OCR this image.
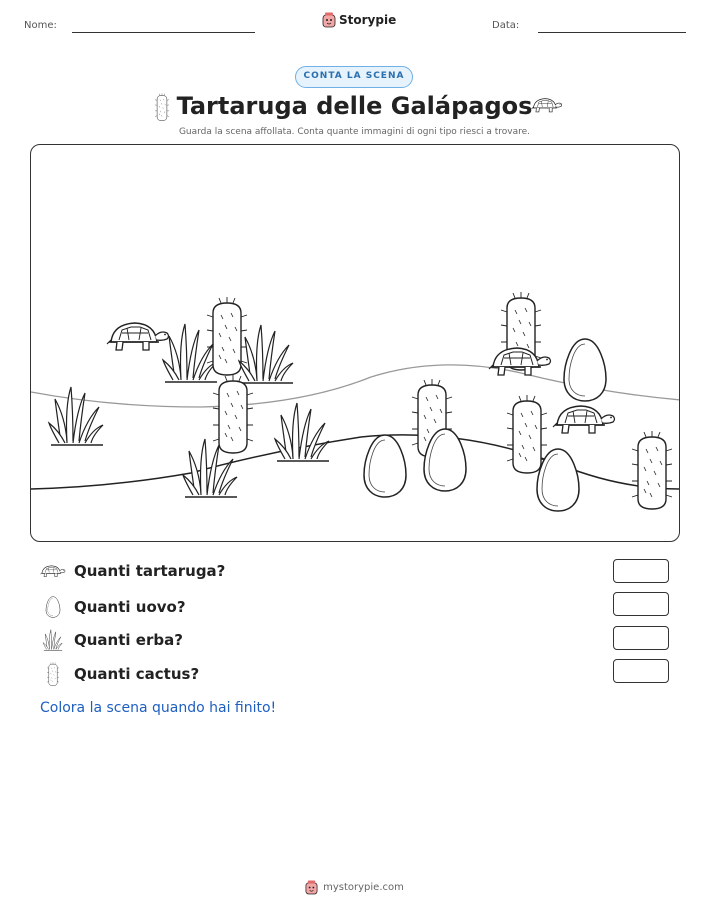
Nome:	Storypie	Data:
CONTA LA SCENA
Tartaruga delle Galápagos
Guarda la scena affollata. Conta quante immagini di ogni tipo riesci a trovare.
Quanti tartaruga?
Quanti uovo?
Quanti erba?
Quanti cactus?
Colora la scena quando hai finito!
mystorypie.com
